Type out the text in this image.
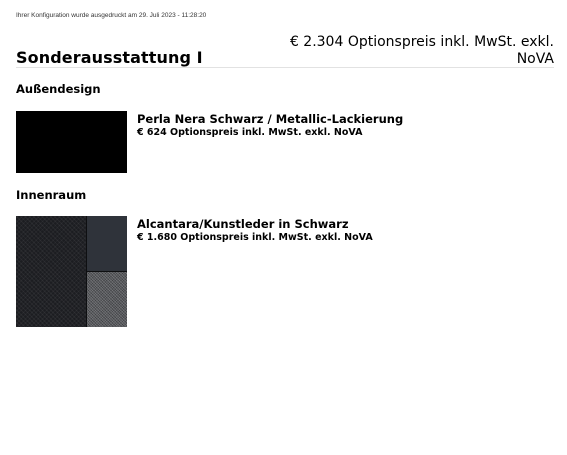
Ihrer Konfiguration wurde ausgedruckt am 29. Juli 2023 - 11:28:20
Sonderausstattung I
€ 2.304 Optionspreis inkl. MwSt. exkl. NoVA
Außendesign
Perla Nera Schwarz / Metallic-Lackierung
€ 624 Optionspreis inkl. MwSt. exkl. NoVA
Innenraum
Alcantara/Kunstleder in Schwarz
€ 1.680 Optionspreis inkl. MwSt. exkl. NoVA
